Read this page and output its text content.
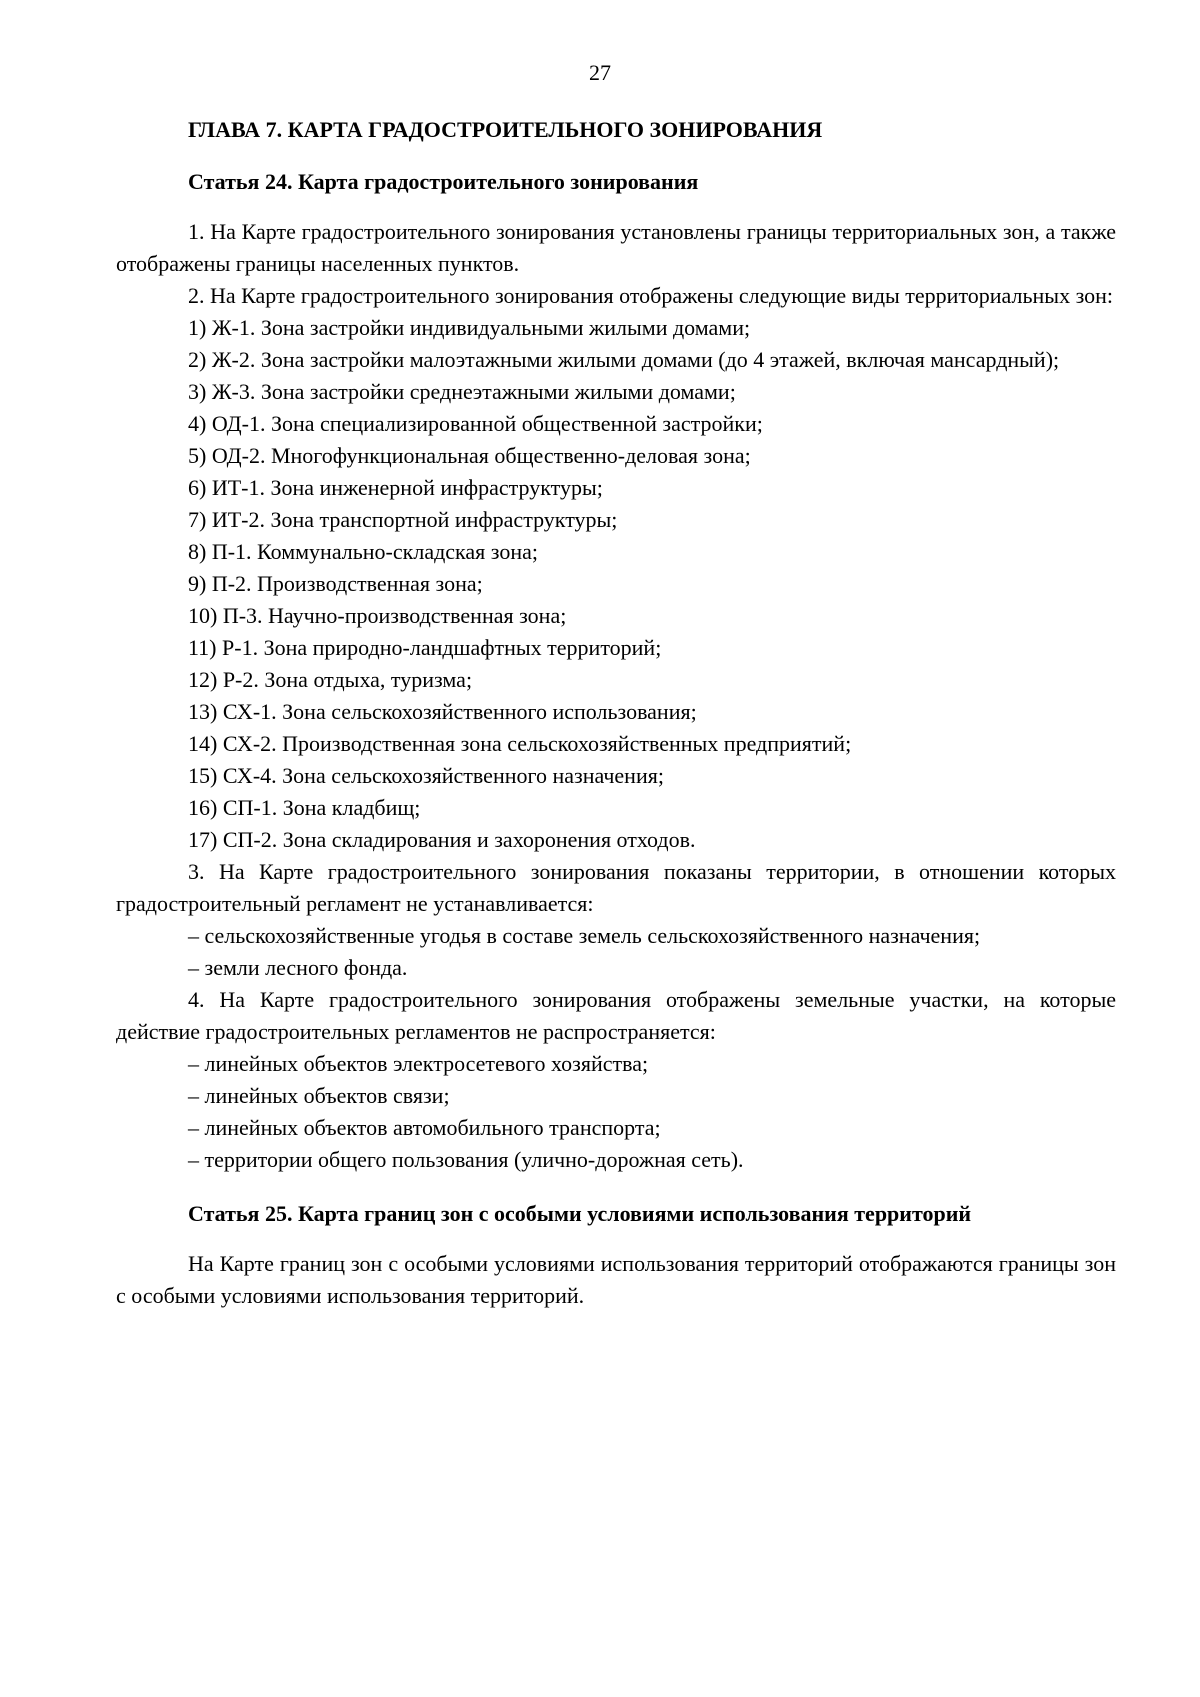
27
ГЛАВА 7. КАРТА ГРАДОСТРОИТЕЛЬНОГО ЗОНИРОВАНИЯ
Статья 24. Карта градостроительного зонирования

1. На Карте градостроительного зонирования установлены границы территориальных зон, а также отображены границы населенных пунктов.

2. На Карте градостроительного зонирования отображены следующие виды территориальных зон:

1) Ж-1. Зона застройки индивидуальными жилыми домами;

2) Ж-2. Зона застройки малоэтажными жилыми домами (до 4 этажей, включая мансардный);

3) Ж-3. Зона застройки среднеэтажными жилыми домами;

4) ОД-1. Зона специализированной общественной застройки;

5) ОД-2. Многофункциональная общественно-деловая зона;

6) ИТ-1. Зона инженерной инфраструктуры;

7) ИТ-2. Зона транспортной инфраструктуры;

8) П-1. Коммунально-складская зона;

9) П-2. Производственная зона;

10) П-3. Научно-производственная зона;

11) Р-1. Зона природно-ландшафтных территорий;

12) Р-2. Зона отдыха, туризма;

13) СХ-1. Зона сельскохозяйственного использования;

14) СХ-2. Производственная зона сельскохозяйственных предприятий;

15) СХ-4. Зона сельскохозяйственного назначения;

16) СП-1. Зона кладбищ;

17) СП-2. Зона складирования и захоронения отходов.

3. На Карте градостроительного зонирования показаны территории, в отношении которых градостроительный регламент не устанавливается:

– сельскохозяйственные угодья в составе земель сельскохозяйственного назначения;

– земли лесного фонда.

4. На Карте градостроительного зонирования отображены земельные участки, на которые действие градостроительных регламентов не распространяется:

– линейных объектов электросетевого хозяйства;

– линейных объектов связи;

– линейных объектов автомобильного транспорта;

– территории общего пользования (улично-дорожная сеть).

Статья 25. Карта границ зон с особыми условиями использования территорий

На Карте границ зон с особыми условиями использования территорий отображаются границы зон с особыми условиями использования территорий.
